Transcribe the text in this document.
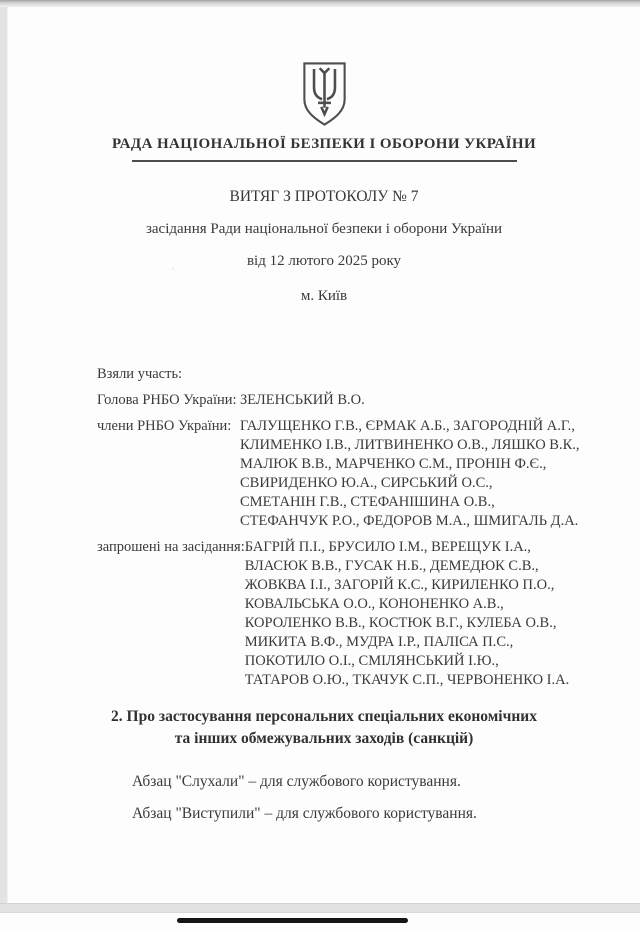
РАДА НАЦІОНАЛЬНОЇ БЕЗПЕКИ І ОБОРОНИ УКРАЇНИ
ВИТЯГ З ПРОТОКОЛУ № 7
засідання Ради національної безпеки і оборони України
від 12 лютого 2025 року
м. Київ
‚
Взяли участь:
Голова РНБО України: ЗЕЛЕНСЬКИЙ В.О.
члени РНБО України: ГАЛУЩЕНКО Г.В., ЄРМАК А.Б., ЗАГОРОДНІЙ А.Г.,
КЛИМЕНКО І.В., ЛИТВИНЕНКО О.В., ЛЯШКО В.К.,
МАЛЮК В.В., МАРЧЕНКО С.М., ПРОНІН Ф.Є.,
СВИРИДЕНКО Ю.А., СИРСЬКИЙ О.С.,
СМЕТАНІН Г.В., СТЕФАНІШИНА О.В.,
СТЕФАНЧУК Р.О., ФЕДОРОВ М.А., ШМИГАЛЬ Д.А.
запрошені на засідання: БАГРІЙ П.І., БРУСИЛО І.М., ВЕРЕЩУК І.А.,
ВЛАСЮК В.В., ГУСАК Н.Б., ДЕМЕДЮК С.В.,
ЖОВКВА І.І., ЗАГОРІЙ К.С., КИРИЛЕНКО П.О.,
КОВАЛЬСЬКА О.О., КОНОНЕНКО А.В.,
КОРОЛЕНКО В.В., КОСТЮК В.Г., КУЛЕБА О.В.,
МИКИТА В.Ф., МУДРА І.Р., ПАЛІСА П.С.,
ПОКОТИЛО О.І., СМІЛЯНСЬКИЙ І.Ю.,
ТАТАРОВ О.Ю., ТКАЧУК С.П., ЧЕРВОНЕНКО І.А.
2. Про застосування персональних спеціальних економічних
та інших обмежувальних заходів (санкцій)

Абзац "Слухали" – для службового користування.

Абзац "Виступили" – для службового користування.
